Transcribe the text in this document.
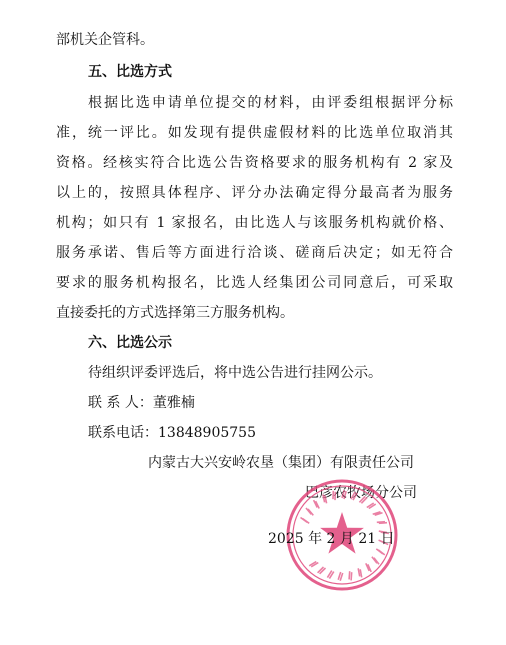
部机关企管科。
五、比选方式
根据比选申请单位提交的材料，由评委组根据评分标
准，统一评比。如发现有提供虚假材料的比选单位取消其
资格。经核实符合比选公告资格要求的服务机构有 2 家及
以上的，按照具体程序、评分办法确定得分最高者为服务
机构；如只有 1 家报名，由比选人与该服务机构就价格、
服务承诺、售后等方面进行洽谈、磋商后决定；如无符合
要求的服务机构报名，比选人经集团公司同意后，可采取
直接委托的方式选择第三方服务机构。
六、比选公示
待组织评委评选后，将中选公告进行挂网公示。
联 系 人：董雅楠
联系电话：13848905755
内蒙古大兴安岭农垦（集团）有限责任公司
巴彦农牧场分公司
2025 年 2 月 21 日
